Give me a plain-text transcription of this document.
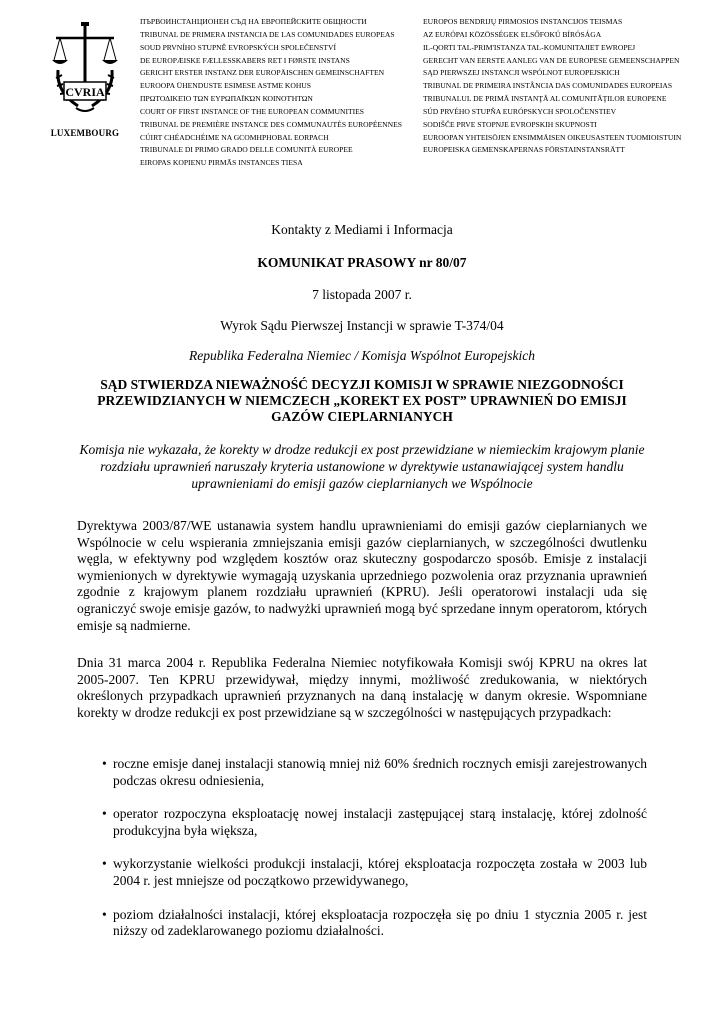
CVRIA
LUXEMBOURG
ПЪРВОИНСТАНЦИОНЕН СЪД НА ЕВРОПЕЙСКИТЕ ОБЩНОСТИ
TRIBUNAL DE PRIMERA INSTANCIA DE LAS COMUNIDADES EUROPEAS
SOUD PRVNÍHO STUPNĚ EVROPSKÝCH SPOLEČENSTVÍ
DE EUROPÆISKE FÆLLESSKABERS RET I FØRSTE INSTANS
GERICHT ERSTER INSTANZ DER EUROPÄISCHEN GEMEINSCHAFTEN
EUROOPA ÜHENDUSTE ESIMESE ASTME KOHUS
ΠΡΩΤΟΔΙΚΕΊΟ ΤΩΝ ΕΥΡΩΠΑΪΚΏΝ ΚΟΙΝΟΤΉΤΩΝ
COURT OF FIRST INSTANCE OF THE EUROPEAN COMMUNITIES
TRIBUNAL DE PREMIÈRE INSTANCE DES COMMUNAUTÉS EUROPÉENNES
CÚIRT CHÉADCHÉIME NA GCOMHPHOBAL EORPACH
TRIBUNALE DI PRIMO GRADO DELLE COMUNITÀ EUROPEE
EIROPAS KOPIENU PIRMĀS INSTANCES TIESA
EUROPOS BENDRIJŲ PIRMOSIOS INSTANCIJOS TEISMAS
AZ EURÓPAI KÖZÖSSÉGEK ELSŐFOKÚ BÍRÓSÁGA
IL-QORTI TAL-PRIM'ISTANZA TAL-KOMUNITAJIET EWROPEJ
GERECHT VAN EERSTE AANLEG VAN DE EUROPESE GEMEENSCHAPPEN
SĄD PIERWSZEJ INSTANCJI WSPÓLNOT EUROPEJSKICH
TRIBUNAL DE PRIMEIRA INSTÂNCIA DAS COMUNIDADES EUROPEIAS
TRIBUNALUL DE PRIMĂ INSTANŢĂ AL COMUNITĂŢILOR EUROPENE
SÚD PRVÉHO STUPŇA EURÓPSKYCH SPOLOČENSTIEV
SODIŠČE PRVE STOPNJE EVROPSKIH SKUPNOSTI
EUROOPAN YHTEISÖJEN ENSIMMÄISEN OIKEUSASTEEN TUOMIOISTUIN
EUROPEISKA GEMENSKAPERNAS FÖRSTAINSTANSRÄTT
Kontakty z Mediami i Informacja
KOMUNIKAT PRASOWY nr 80/07
7 listopada 2007 r.
Wyrok Sądu Pierwszej Instancji w sprawie T-374/04
Republika Federalna Niemiec / Komisja Wspólnot Europejskich
SĄD STWIERDZA NIEWAŻNOŚĆ DECYZJI KOMISJI W SPRAWIE NIEZGODNOŚCI PRZEWIDZIANYCH W NIEMCZECH „KOREKT EX POST” UPRAWNIEŃ DO EMISJI GAZÓW CIEPLARNIANYCH
Komisja nie wykazała, że korekty w drodze redukcji ex post przewidziane w niemieckim krajowym planie rozdziału uprawnień naruszały kryteria ustanowione w dyrektywie ustanawiającej system handlu uprawnieniami do emisji gazów cieplarnianych we Wspólnocie
Dyrektywa 2003/87/WE ustanawia system handlu uprawnieniami do emisji gazów cieplarnianych we Wspólnocie w celu wspierania zmniejszania emisji gazów cieplarnianych, w szczególności dwutlenku węgla, w efektywny pod względem kosztów oraz skuteczny gospodarczo sposób. Emisje z instalacji wymienionych w dyrektywie wymagają uzyskania uprzedniego pozwolenia oraz przyznania uprawnień zgodnie z krajowym planem rozdziału uprawnień (KPRU). Jeśli operatorowi instalacji uda się ograniczyć swoje emisje gazów, to nadwyżki uprawnień mogą być sprzedane innym operatorom, których emisje są nadmierne.
Dnia 31 marca 2004 r. Republika Federalna Niemiec notyfikowała Komisji swój KPRU na okres lat 2005-2007. Ten KPRU przewidywał, między innymi, możliwość zredukowania, w niektórych określonych przypadkach uprawnień przyznanych na daną instalację w danym okresie. Wspomniane korekty w drodze redukcji ex post przewidziane są w szczególności w następujących przypadkach:
• roczne emisje danej instalacji stanowią mniej niż 60% średnich rocznych emisji zarejestrowanych podczas okresu odniesienia,
• operator rozpoczyna eksploatację nowej instalacji zastępującej starą instalację, której zdolność produkcyjna była większa,
• wykorzystanie wielkości produkcji instalacji, której eksploatacja rozpoczęta została w 2003 lub 2004 r. jest mniejsze od początkowo przewidywanego,
• poziom działalności instalacji, której eksploatacja rozpoczęła się po dniu 1 stycznia 2005 r. jest niższy od zadeklarowanego poziomu działalności.
